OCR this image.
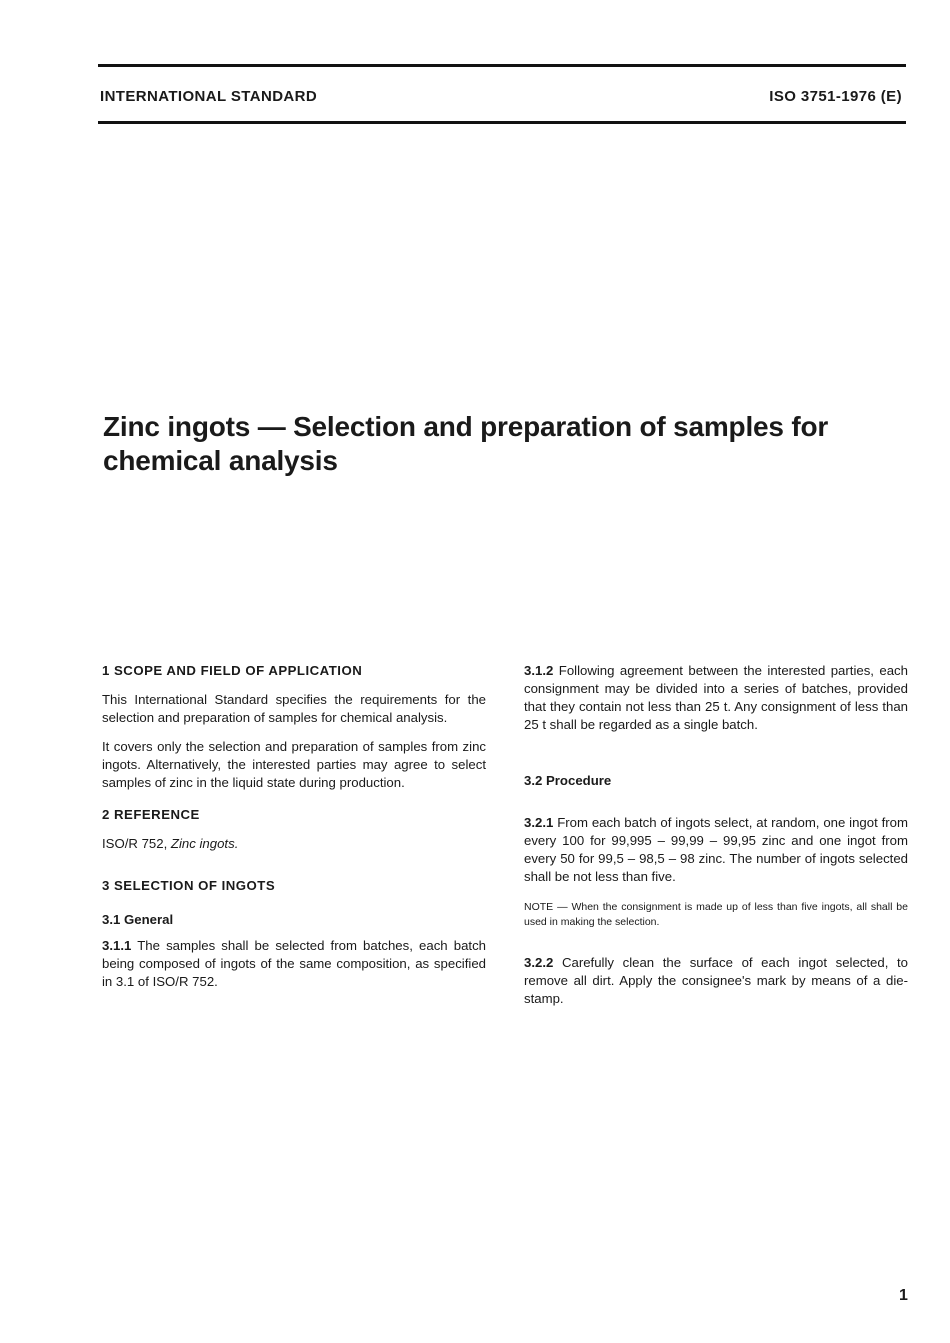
INTERNATIONAL STANDARD	ISO 3751-1976 (E)
Zinc ingots — Selection and preparation of samples for chemical analysis
1 SCOPE AND FIELD OF APPLICATION

This International Standard specifies the requirements for the selection and preparation of samples for chemical analysis.

It covers only the selection and preparation of samples from zinc ingots. Alternatively, the interested parties may agree to select samples of zinc in the liquid state during production.

2 REFERENCE

ISO/R 752, Zinc ingots.

3 SELECTION OF INGOTS
3.1 General

3.1.1 The samples shall be selected from batches, each batch being composed of ingots of the same composition, as specified in 3.1 of ISO/R 752.

3.1.2 Following agreement between the interested parties, each consignment may be divided into a series of batches, provided that they contain not less than 25 t. Any consignment of less than 25 t shall be regarded as a single batch.

3.2 Procedure

3.2.1 From each batch of ingots select, at random, one ingot from every 100 for 99,995 – 99,99 – 99,95 zinc and one ingot from every 50 for 99,5 – 98,5 – 98 zinc. The number of ingots selected shall be not less than five.

NOTE — When the consignment is made up of less than five ingots, all shall be used in making the selection.

3.2.2 Carefully clean the surface of each ingot selected, to remove all dirt. Apply the consignee's mark by means of a die-stamp.

1
